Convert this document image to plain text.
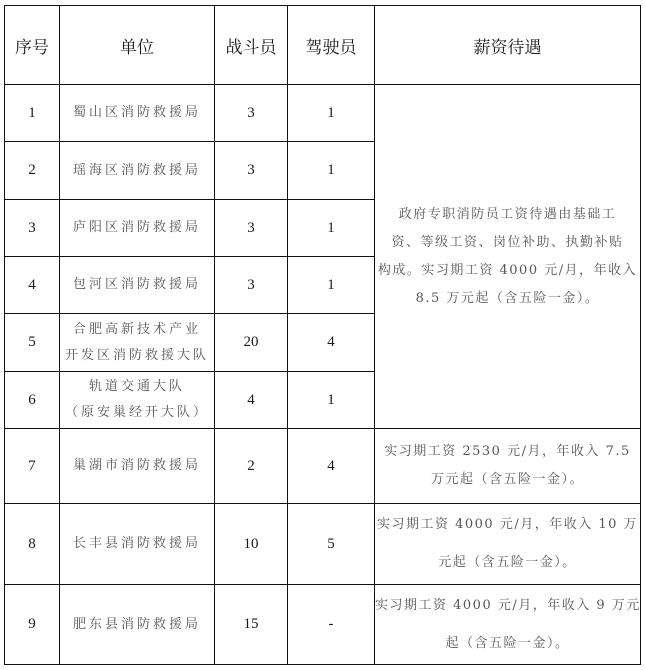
序号	单位	战斗员	驾驶员	薪资待遇
1	蜀山区消防救援局	3	1	政府专职消防员工资待遇由基础工
资、等级工资、岗位补助、执勤补贴
构成。实习期工资 4000 元/月，年收入
8.5 万元起（含五险一金）。

2	瑶海区消防救援局	3	1	
3	庐阳区消防救援局	3	1	
4	包河区消防救援局	3	1	
5	合肥高新技术产业
开发区消防救援大队	20	4	
6	轨道交通大队
（原安巢经开大队）	4	1	
7	巢湖市消防救援局	2	4	实习期工资 2530 元/月，年收入 7.5
万元起（含五险一金）。

8	长丰县消防救援局	10	5	实习期工资 4000 元/月，年收入 10 万
元起（含五险一金）。

9	肥东县消防救援局	15	-	实习期工资 4000 元/月，年收入 9 万元
起（含五险一金）。
